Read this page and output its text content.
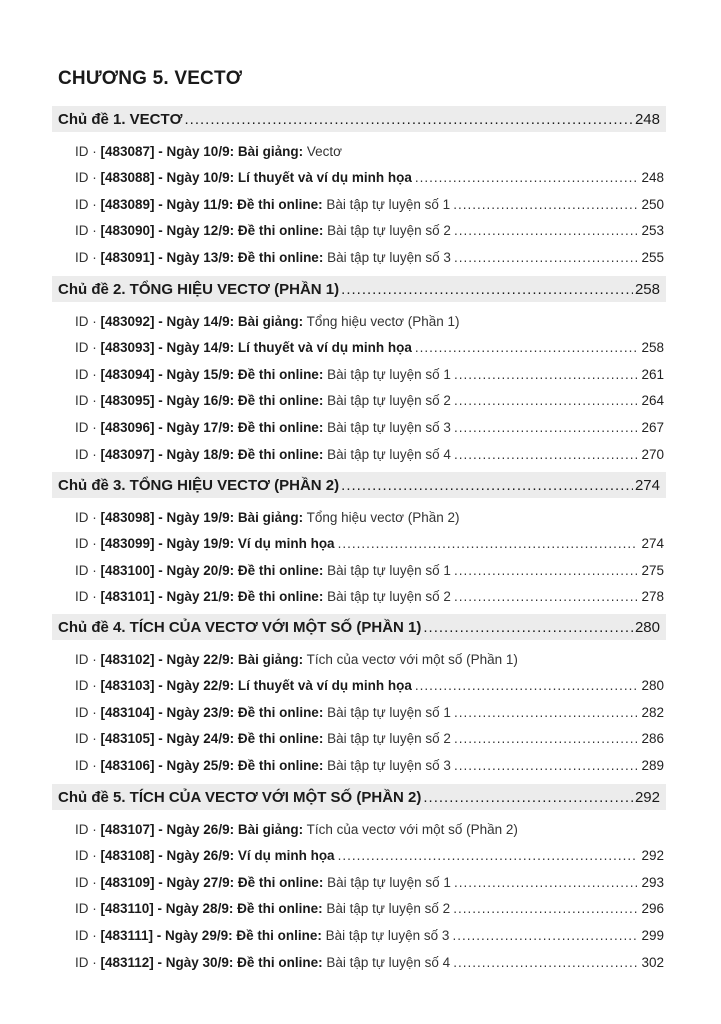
CHƯƠNG 5. VECTƠ
Chủ đề 1. VECTƠ .....	248
ID · [483087] - Ngày 10/9: Bài giảng: Vectơ
ID · [483088] - Ngày 10/9: Lí thuyết và ví dụ minh họa .....	248
ID · [483089] - Ngày 11/9: Đề thi online: Bài tập tự luyện số 1 .....	250
ID · [483090] - Ngày 12/9: Đề thi online: Bài tập tự luyện số 2 .....	253
ID · [483091] - Ngày 13/9: Đề thi online: Bài tập tự luyện số 3 .....	255
Chủ đề 2. TỔNG HIỆU VECTƠ (PHẦN 1) .....	258
ID · [483092] - Ngày 14/9: Bài giảng: Tổng hiệu vectơ (Phần 1)
ID · [483093] - Ngày 14/9: Lí thuyết và ví dụ minh họa .....	258
ID · [483094] - Ngày 15/9: Đề thi online: Bài tập tự luyện số 1 .....	261
ID · [483095] - Ngày 16/9: Đề thi online: Bài tập tự luyện số 2 .....	264
ID · [483096] - Ngày 17/9: Đề thi online: Bài tập tự luyện số 3 .....	267
ID · [483097] - Ngày 18/9: Đề thi online: Bài tập tự luyện số 4 .....	270
Chủ đề 3. TỔNG HIỆU VECTƠ (PHẦN 2) .....	274
ID · [483098] - Ngày 19/9: Bài giảng: Tổng hiệu vectơ (Phần 2)
ID · [483099] - Ngày 19/9: Ví dụ minh họa .....	274
ID · [483100] - Ngày 20/9: Đề thi online: Bài tập tự luyện số 1 .....	275
ID · [483101] - Ngày 21/9: Đề thi online: Bài tập tự luyện số 2 .....	278
Chủ đề 4. TÍCH CỦA VECTƠ VỚI MỘT SỐ (PHẦN 1) .....	280
ID · [483102] - Ngày 22/9: Bài giảng: Tích của vectơ với một số (Phần 1)
ID · [483103] - Ngày 22/9: Lí thuyết và ví dụ minh họa .....	280
ID · [483104] - Ngày 23/9: Đề thi online: Bài tập tự luyện số 1 .....	282
ID · [483105] - Ngày 24/9: Đề thi online: Bài tập tự luyện số 2 .....	286
ID · [483106] - Ngày 25/9: Đề thi online: Bài tập tự luyện số 3 .....	289
Chủ đề 5. TÍCH CỦA VECTƠ VỚI MỘT SỐ (PHẦN 2) .....	292
ID · [483107] - Ngày 26/9: Bài giảng: Tích của vectơ với một số (Phần 2)
ID · [483108] - Ngày 26/9: Ví dụ minh họa .....	292
ID · [483109] - Ngày 27/9: Đề thi online: Bài tập tự luyện số 1 .....	293
ID · [483110] - Ngày 28/9: Đề thi online: Bài tập tự luyện số 2 .....	296
ID · [483111] - Ngày 29/9: Đề thi online: Bài tập tự luyện số 3 .....	299
ID · [483112] - Ngày 30/9: Đề thi online: Bài tập tự luyện số 4 .....	302
